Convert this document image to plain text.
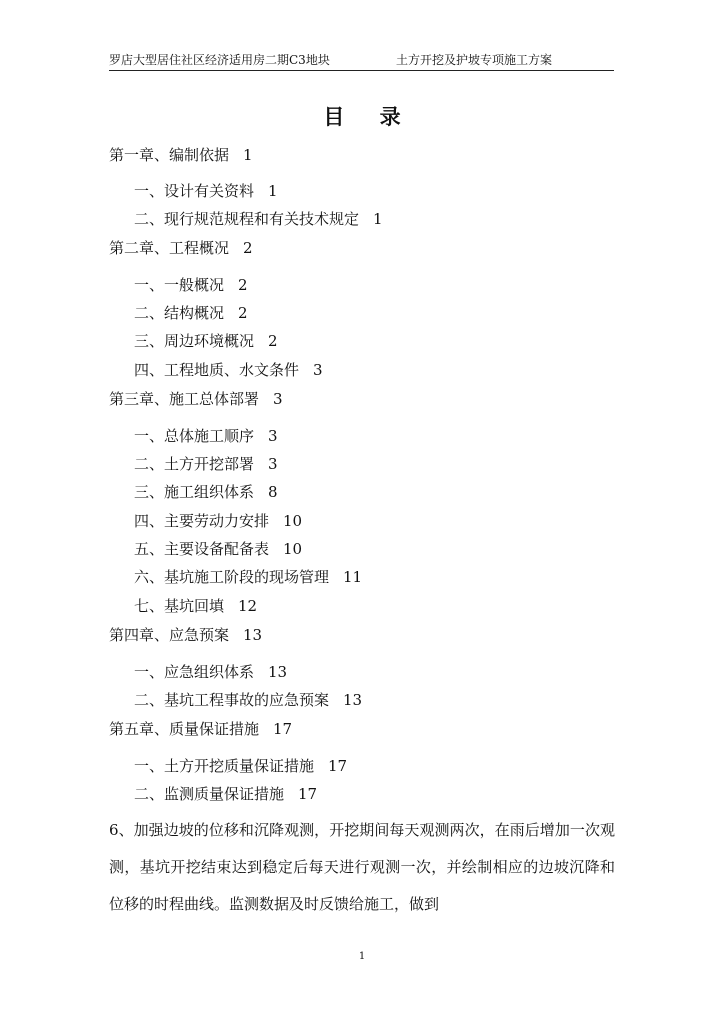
罗店大型居住社区经济适用房二期C3地块	土方开挖及护坡专项施工方案
目 录
第一章、编制依据 1
一、设计有关资料 1
二、现行规范规程和有关技术规定 1
第二章、工程概况 2
一、一般概况 2
二、结构概况 2
三、周边环境概况 2
四、工程地质、水文条件 3
第三章、施工总体部署 3
一、总体施工顺序 3
二、土方开挖部署 3
三、施工组织体系 8
四、主要劳动力安排 10
五、主要设备配备表 10
六、基坑施工阶段的现场管理 11
七、基坑回填 12
第四章、应急预案 13
一、应急组织体系 13
二、基坑工程事故的应急预案 13
第五章、质量保证措施 17
一、土方开挖质量保证措施 17
二、监测质量保证措施 17
6、加强边坡的位移和沉降观测，开挖期间每天观测两次，在雨后增加一次观测，基坑开挖结束达到稳定后每天进行观测一次，并绘制相应的边坡沉降和位移的时程曲线。监测数据及时反馈给施工，做到
1
